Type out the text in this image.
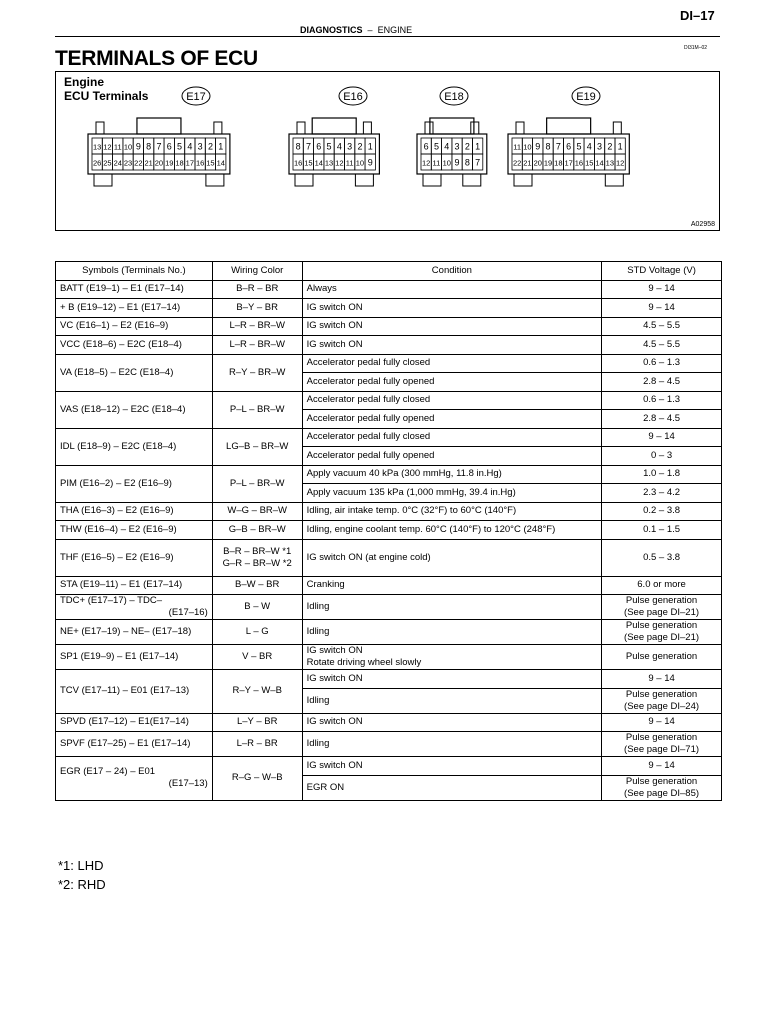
DI–17
DIAGNOSTICS – ENGINE
DI31M–02
TERMINALS OF ECU
Engine
ECU Terminals	E17
13 12 11 10 9 8 7 6 5 4 3 2 1
26 25 24 23 22 21 20 19 18 17 16 15 14
E16
8 7 6 5 4 3 2 1
16 15 14 13 12 11 10 9
E18
6 5 4 3 2 1
12 11 10 9 8 7
E19
11 10 9 8 7 6 5 4 3 2 1
22 21 20 19 18 17 16 15 14 13 12
A02958
Symbols (Terminals No.)	Wiring Color	Condition	STD Voltage (V)
BATT (E19–1) – E1 (E17–14)	B–R – BR	Always	9 – 14
+ B (E19–12) – E1 (E17–14)	B–Y – BR	IG switch ON	9 – 14
VC (E16–1) – E2 (E16–9)	L–R – BR–W	IG switch ON	4.5 – 5.5
VCC (E18–6) – E2C (E18–4)	L–R – BR–W	IG switch ON	4.5 – 5.5
VA (E18–5) – E2C (E18–4)	R–Y – BR–W	Accelerator pedal fully closed	0.6 – 1.3
		Accelerator pedal fully opened	2.8 – 4.5
VAS (E18–12) – E2C (E18–4)	P–L – BR–W	Accelerator pedal fully closed	0.6 – 1.3
		Accelerator pedal fully opened	2.8 – 4.5
IDL (E18–9) – E2C (E18–4)	LG–B – BR–W	Accelerator pedal fully closed	9 – 14
		Accelerator pedal fully opened	0 – 3
PIM (E16–2) – E2 (E16–9)	P–L – BR–W	Apply vacuum 40 kPa (300 mmHg, 11.8 in.Hg)	1.0 – 1.8
		Apply vacuum 135 kPa (1,000 mmHg, 39.4 in.Hg)	2.3 – 4.2
THA (E16–3) – E2 (E16–9)	W–G – BR–W	Idling, air intake temp. 0°C (32°F) to 60°C (140°F)	0.2 – 3.8
THW (E16–4) – E2 (E16–9)	G–B – BR–W	Idling, engine coolant temp. 60°C (140°F) to 120°C (248°F)	0.1 – 1.5
THF (E16–5) – E2 (E16–9)	B–R – BR–W *1
G–R – BR–W *2	IG switch ON (at engine cold)	0.5 – 3.8
STA (E19–11) – E1 (E17–14)	B–W – BR	Cranking	6.0 or more

TDC+ (E17–17) – TDC–
(E17–16)	B – W	Idling	Pulse generation
(See page DI–21)

NE+ (E17–19) – NE– (E17–18)	L – G	Idling	Pulse generation
(See page DI–21)

SP1 (E19–9) – E1 (E17–14)	V – BR	IG switch ON
Rotate driving wheel slowly	Pulse generation
TCV (E17–11) – E01 (E17–13)	R–Y – W–B	IG switch ON	9 – 14
		Idling	Pulse generation
(See page DI–24)

SPVD (E17–12) – E1(E17–14)	L–Y – BR	IG switch ON	9 – 14
SPVF (E17–25) – E1 (E17–14)	L–R – BR	Idling	Pulse generation
(See page DI–71)

EGR (E17 – 24) – E01
(E17–13)	R–G – W–B	IG switch ON	9 – 14
		EGR ON	Pulse generation
(See page DI–85)
*1: LHD
*2: RHD
